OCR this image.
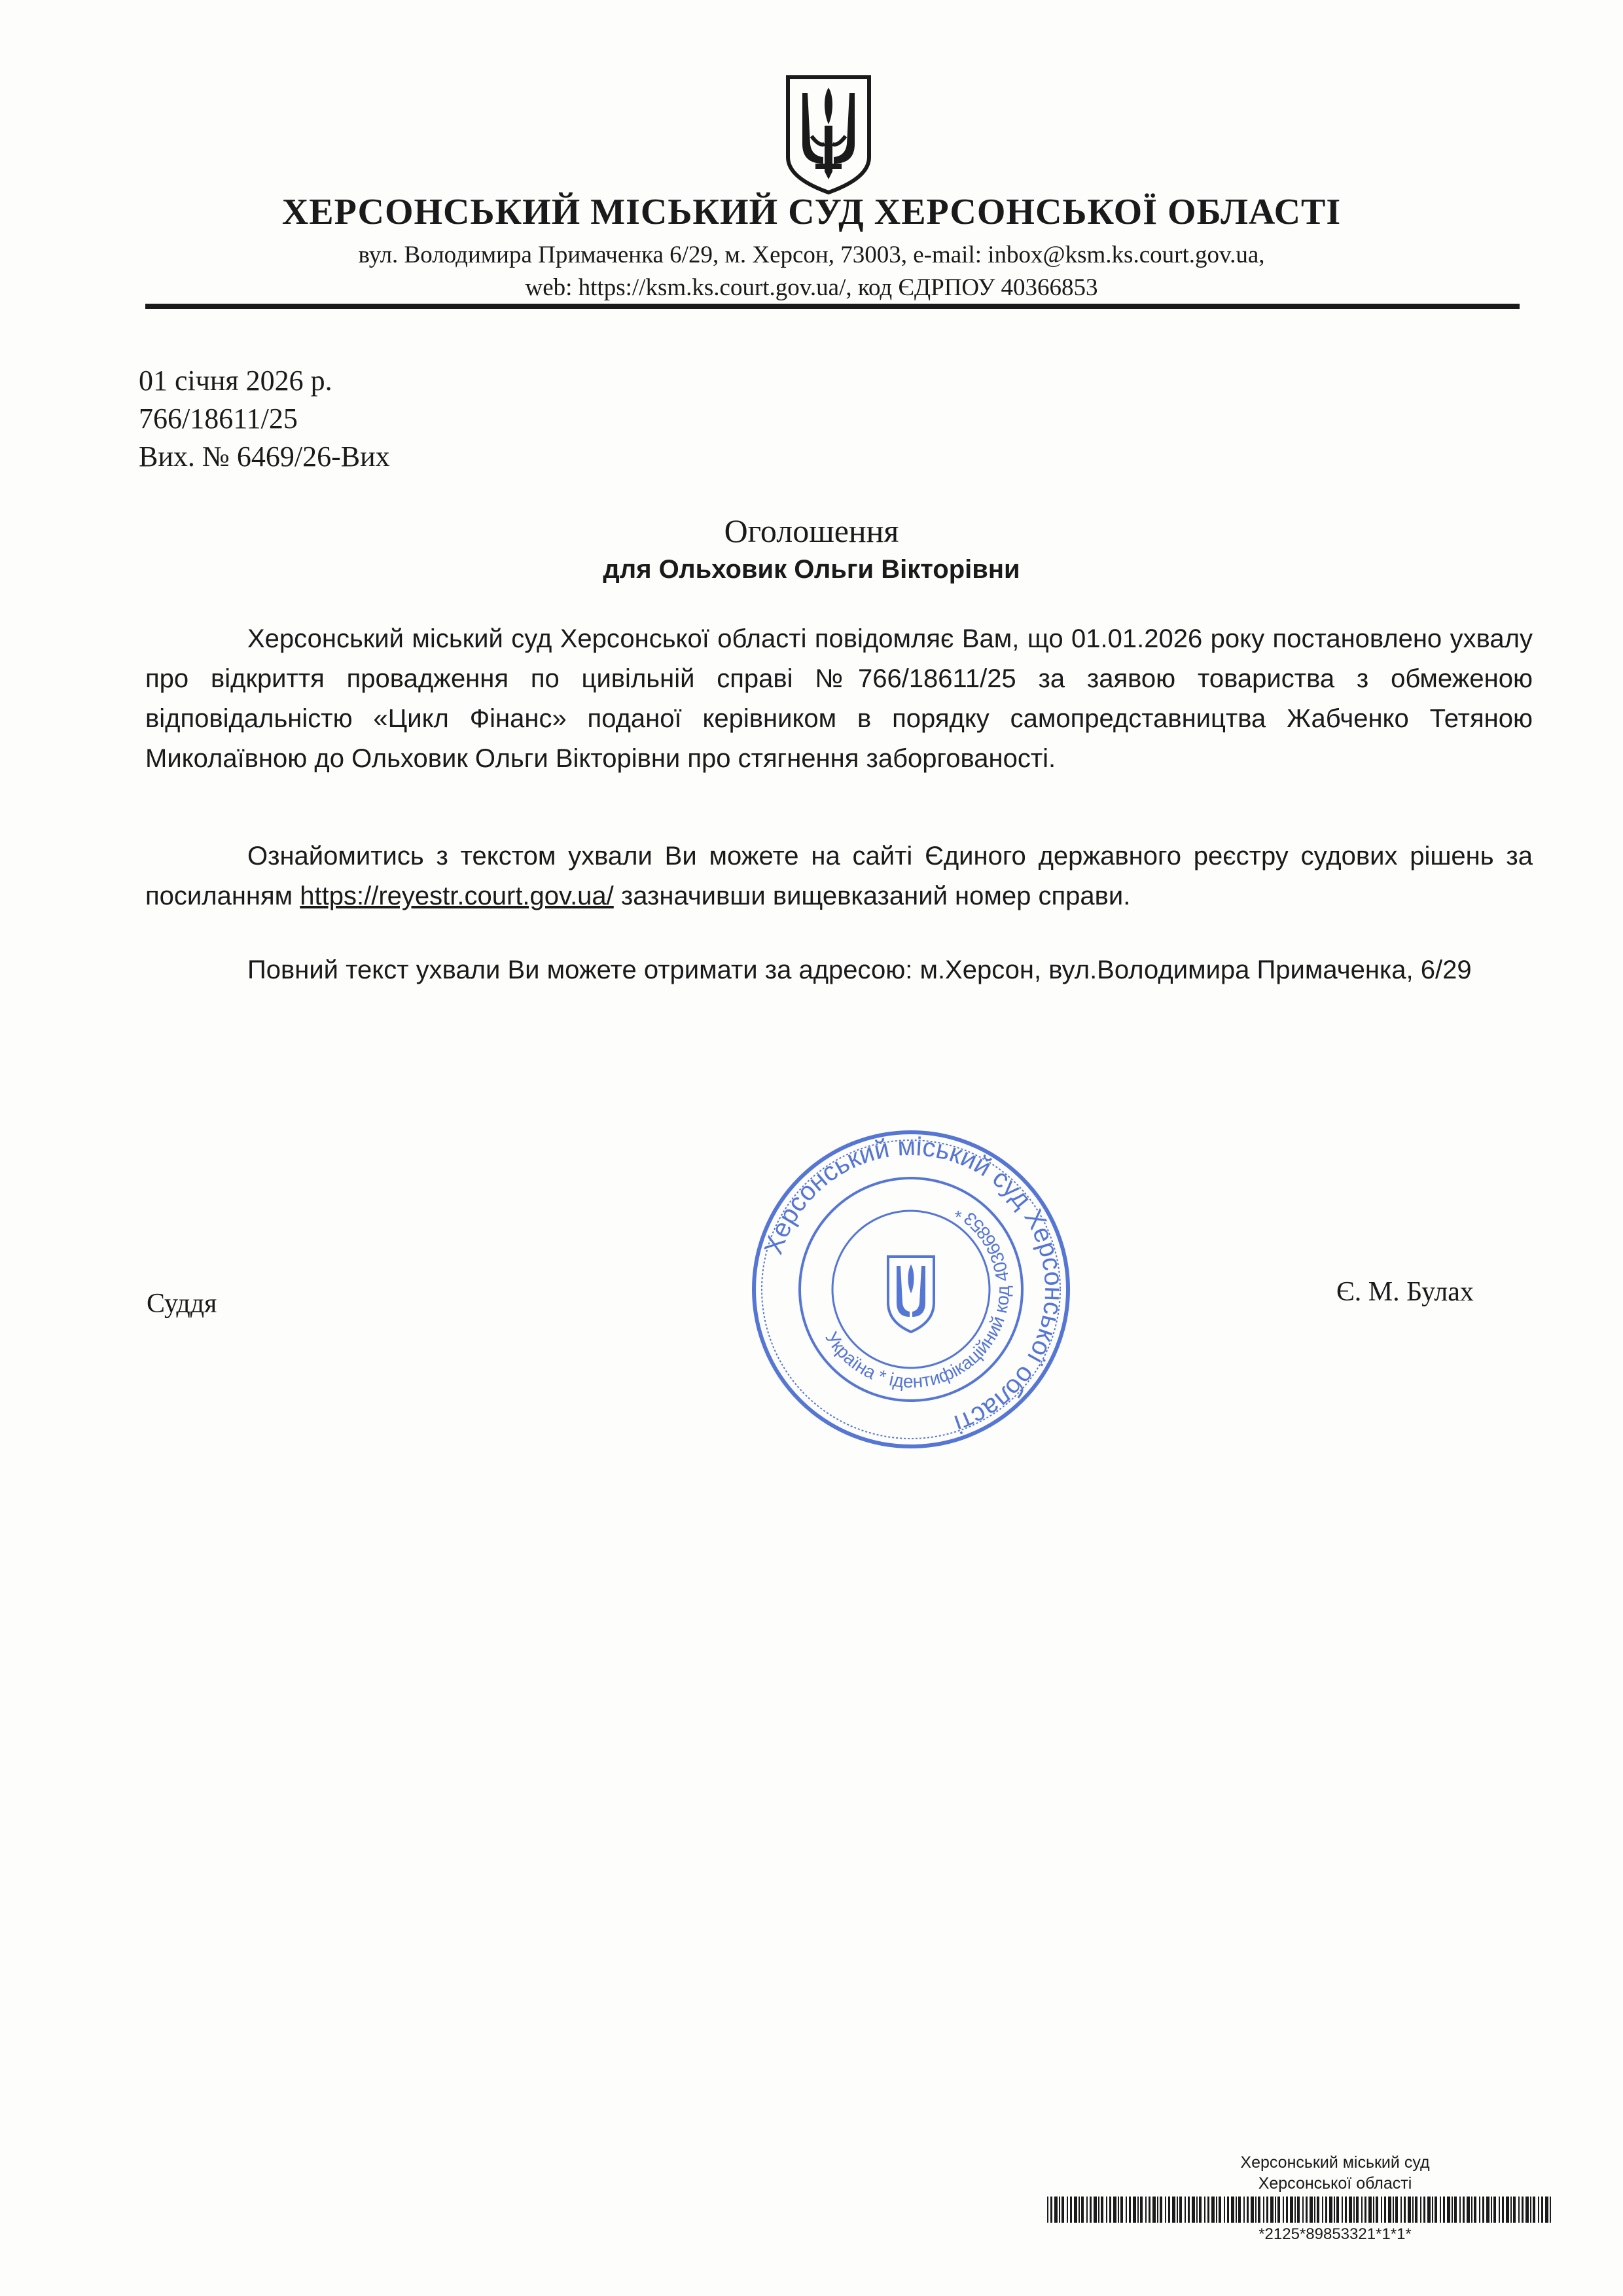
ХЕРСОНСЬКИЙ МІСЬКИЙ СУД ХЕРСОНСЬКОЇ ОБЛАСТІ
вул. Володимира Примаченка 6/29, м. Херсон, 73003, e-mail: inbox@ksm.ks.court.gov.ua,
web: https://ksm.ks.court.gov.ua/, код ЄДРПОУ 40366853
01 січня 2026 р.
766/18611/25
Вих. № 6469/26-Вих
Оголошення
для Ольховик Ольги Вікторівни
Херсонський міський суд Херсонської області повідомляє Вам, що 01.01.2026 року постановлено ухвалу про відкриття провадження по цивільній справі №766/18611/25 за заявою товариства з обмеженою відповідальністю «Цикл Фінанс» поданої керівником в порядку самопредставництва Жабченко Тетяною Миколаївною до Ольховик Ольги Вікторівни про стягнення заборгованості.
Ознайомитись з текстом ухвали Ви можете на сайті Єдиного державного реєстру судових рішень за посиланням https://reyestr.court.gov.ua/ зазначивши вищевказаний номер справи.
Повний текст ухвали Ви можете отримати за адресою: м.Херсон, вул.Володимира Примаченка, 6/29
Суддя	Є. М. Булах
Херсонський міський суд Херсонської області
Україна * ідентифікаційний код 40366853 *
Херсонський міський суд
Херсонської області
*2125*89853321*1*1*
